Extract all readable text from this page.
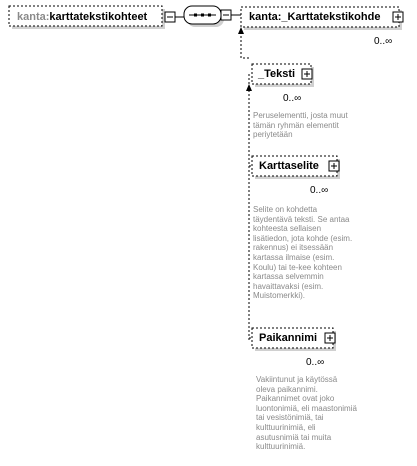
kanta:karttatekstikohteet	kanta:_Karttatekstikohde
0..∞
_Teksti
0..∞
Peruselementti, josta muut
tämän ryhmän elementit
periytetään
Karttaselite
0..∞
Selite on kohdetta
täydentävä teksti. Se antaa
kohteesta sellaisen
lisätiedon, jota kohde (esim.
rakennus) ei itsessään
kartassa ilmaise (esim.
Koulu) tai te-kee kohteen
kartassa selvemmin
havaittavaksi (esim.
Muistomerkki).
Paikannimi
0..∞
Vakiintunut ja käytössä
oleva paikannimi.
Paikannimet ovat joko
luontonimiä, eli maastonimiä
tai vesistönimiä, tai
kulttuurinimiä, eli
asutusnimiä tai muita
kulttuurinimiä.
